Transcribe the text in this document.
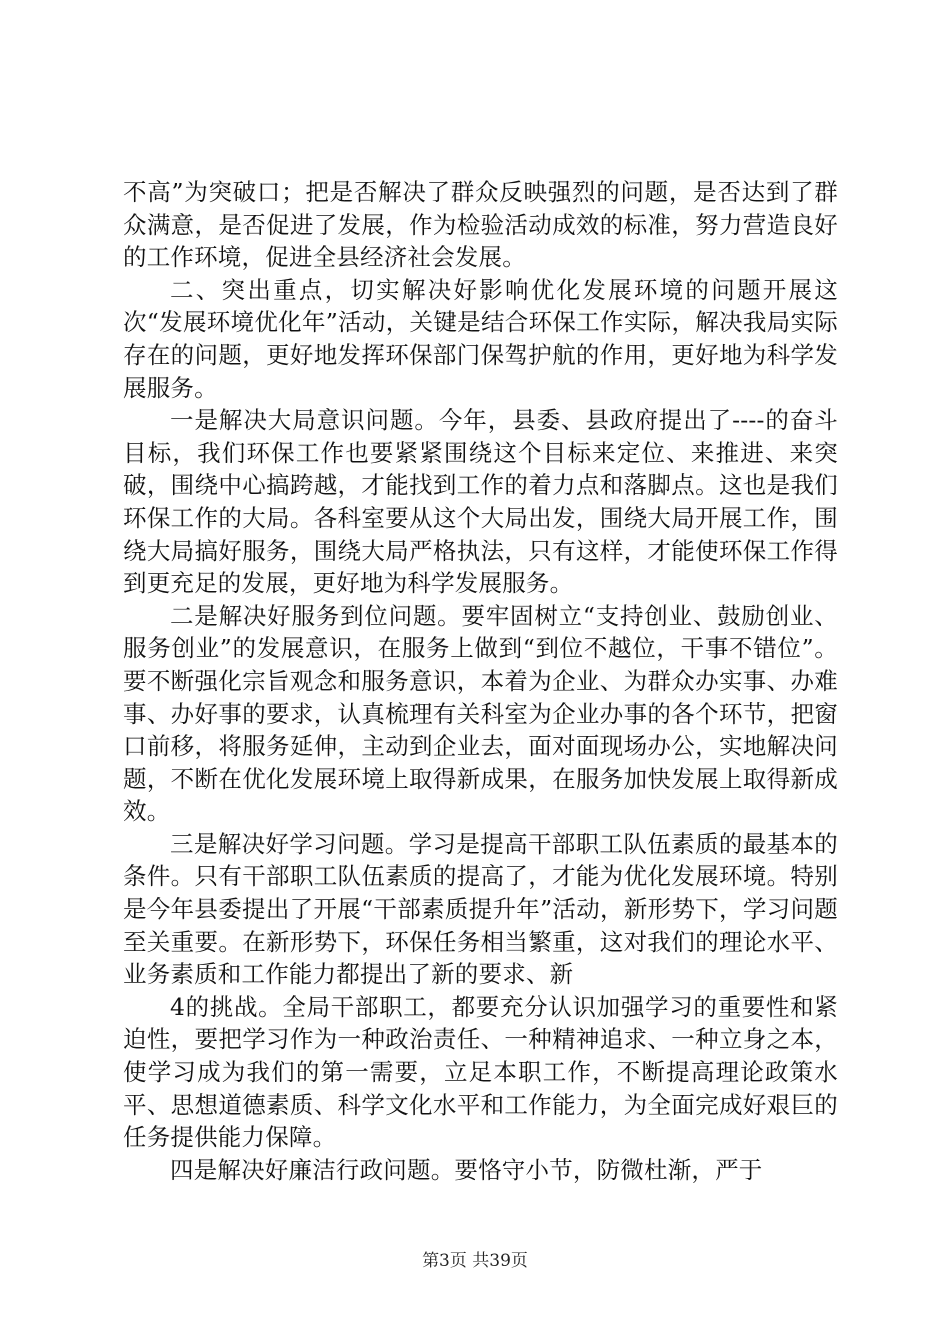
不高”为突破口；把是否解决了群众反映强烈的问题，是否达到了群众满意，是否促进了发展，作为检验活动成效的标准，努力营造良好的工作环境，促进全县经济社会发展。

二、突出重点，切实解决好影响优化发展环境的问题开展这次“发展环境优化年”活动，关键是结合环保工作实际，解决我局实际存在的问题，更好地发挥环保部门保驾护航的作用，更好地为科学发展服务。

一是解决大局意识问题。今年，县委、县政府提出了----的奋斗目标，我们环保工作也要紧紧围绕这个目标来定位、来推进、来突破，围绕中心搞跨越，才能找到工作的着力点和落脚点。这也是我们环保工作的大局。各科室要从这个大局出发，围绕大局开展工作，围绕大局搞好服务，围绕大局严格执法，只有这样，才能使环保工作得到更充足的发展，更好地为科学发展服务。

二是解决好服务到位问题。要牢固树立“支持创业、鼓励创业、服务创业”的发展意识，在服务上做到“到位不越位，干事不错位”。要不断强化宗旨观念和服务意识，本着为企业、为群众办实事、办难事、办好事的要求，认真梳理有关科室为企业办事的各个环节，把窗口前移，将服务延伸，主动到企业去，面对面现场办公，实地解决问题，不断在优化发展环境上取得新成果，在服务加快发展上取得新成效。

三是解决好学习问题。学习是提高干部职工队伍素质的最基本的条件。只有干部职工队伍素质的提高了，才能为优化发展环境。特别是今年县委提出了开展“干部素质提升年”活动，新形势下，学习问题至关重要。在新形势下，环保任务相当繁重，这对我们的理论水平、业务素质和工作能力都提出了新的要求、新

4的挑战。全局干部职工，都要充分认识加强学习的重要性和紧迫性，要把学习作为一种政治责任、一种精神追求、一种立身之本，使学习成为我们的第一需要，立足本职工作，不断提高理论政策水平、思想道德素质、科学文化水平和工作能力，为全面完成好艰巨的任务提供能力保障。

四是解决好廉洁行政问题。要恪守小节，防微杜渐，严于

第3页 共39页
